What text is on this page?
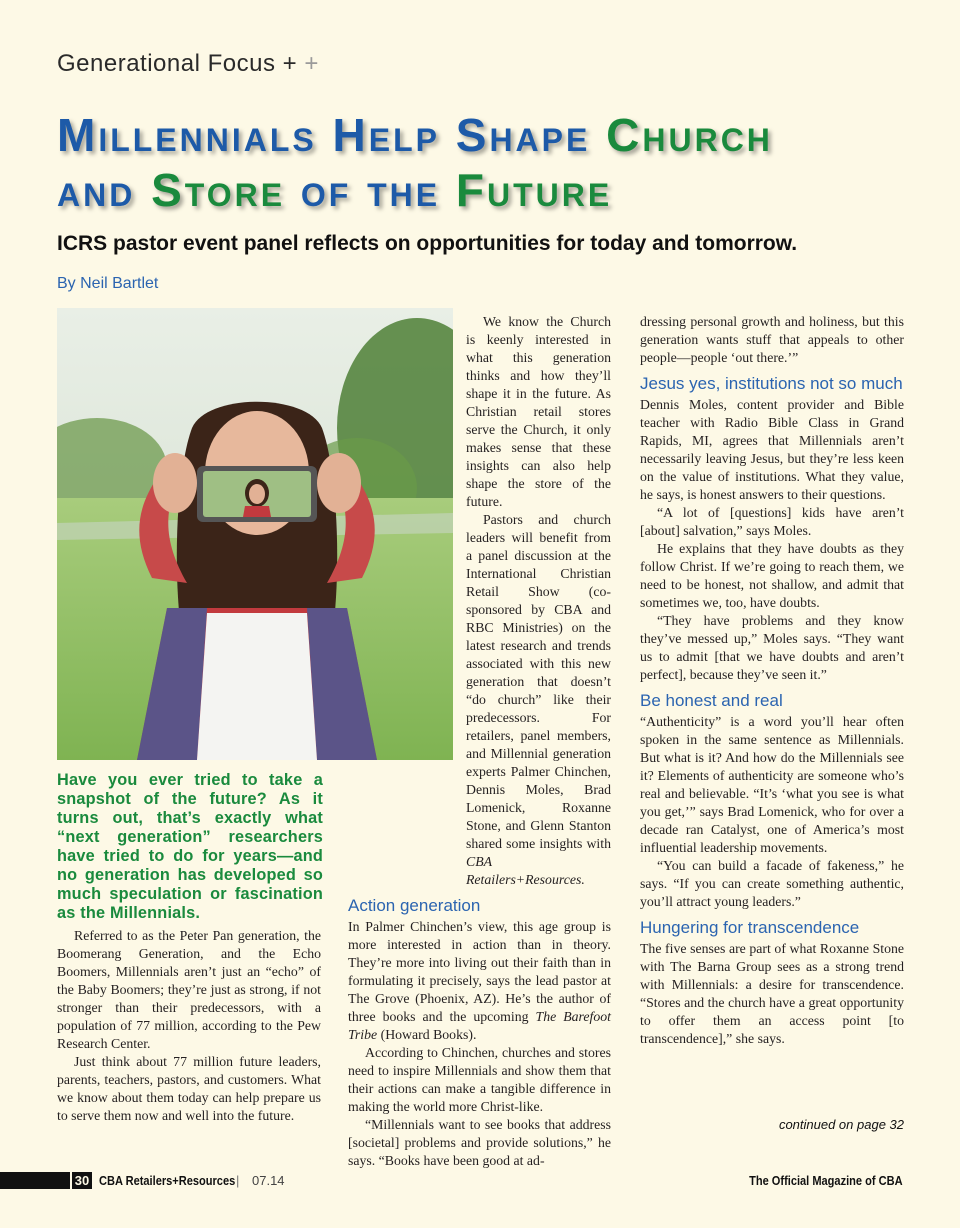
Generational Focus + +
Millennials Help Shape Church
and Store of the Future
ICRS pastor event panel reflects on opportunities for today and tomorrow.
By Neil Bartlet

Have you ever tried to take a snapshot of the future? As it turns out, that’s exactly what “next generation” researchers have tried to do for years—and no generation has developed so much speculation or fascination as the Millennials.

Referred to as the Peter Pan generation, the Boomerang Generation, and the Echo Boomers, Millennials aren’t just an “echo” of the Baby Boomers; they’re just as strong, if not stronger than their predecessors, with a population of 77 million, according to the Pew Research Center.

Just think about 77 million future leaders, parents, teachers, pastors, and customers. What we know about them today can help prepare us to serve them now and well into the future.

We know the Church is keenly interested in what this generation thinks and how they’ll shape it in the future. As Christian retail stores serve the Church, it only makes sense that these insights can also help shape the store of the future.

Pastors and church leaders will benefit from a panel discussion at the International Christian Retail Show (co-sponsored by CBA and RBC Ministries) on the latest research and trends associated with this new generation that doesn’t “do church” like their predecessors. For retailers, panel members, and Millennial generation experts Palmer Chinchen, Dennis Moles, Brad Lomenick, Roxanne Stone, and Glenn Stanton shared some insights with CBA Retailers+Resources.

Action generation

In Palmer Chinchen’s view, this age group is more interested in action than in theory. They’re more into living out their faith than in formulating it precisely, says the lead pastor at The Grove (Phoenix, AZ). He’s the author of three books and the upcoming The Barefoot Tribe (Howard Books).

According to Chinchen, churches and stores need to inspire Millennials and show them that their actions can make a tangible difference in making the world more Christ-like.

“Millennials want to see books that address [societal] problems and provide solutions,” he says. “Books have been good at ad-

dressing personal growth and holiness, but this generation wants stuff that appeals to other people—people ‘out there.’”

Jesus yes, institutions not so much

Dennis Moles, content provider and Bible teacher with Radio Bible Class in Grand Rapids, MI, agrees that Millennials aren’t necessarily leaving Jesus, but they’re less keen on the value of institutions. What they value, he says, is honest answers to their questions.

“A lot of [questions] kids have aren’t [about] salvation,” says Moles.

He explains that they have doubts as they follow Christ. If we’re going to reach them, we need to be honest, not shallow, and admit that sometimes we, too, have doubts.

“They have problems and they know they’ve messed up,” Moles says. “They want us to admit [that we have doubts and aren’t perfect], because they’ve seen it.”

Be honest and real

“Authenticity” is a word you’ll hear often spoken in the same sentence as Millennials. But what is it? And how do the Millennials see it? Elements of authenticity are someone who’s real and believable. “It’s ‘what you see is what you get,’” says Brad Lomenick, who for over a decade ran Catalyst, one of America’s most influential leadership movements.

“You can build a facade of fakeness,” he says. “If you can create something authentic, you’ll attract young leaders.”

Hungering for transcendence

The five senses are part of what Roxanne Stone with The Barna Group sees as a strong trend with Millennials: a desire for transcendence. “Stores and the church have a great opportunity to offer them an access point [to transcendence],” she says.

continued on page 32
30 CBA Retailers+Resources | 07.14	The Official Magazine of CBA
